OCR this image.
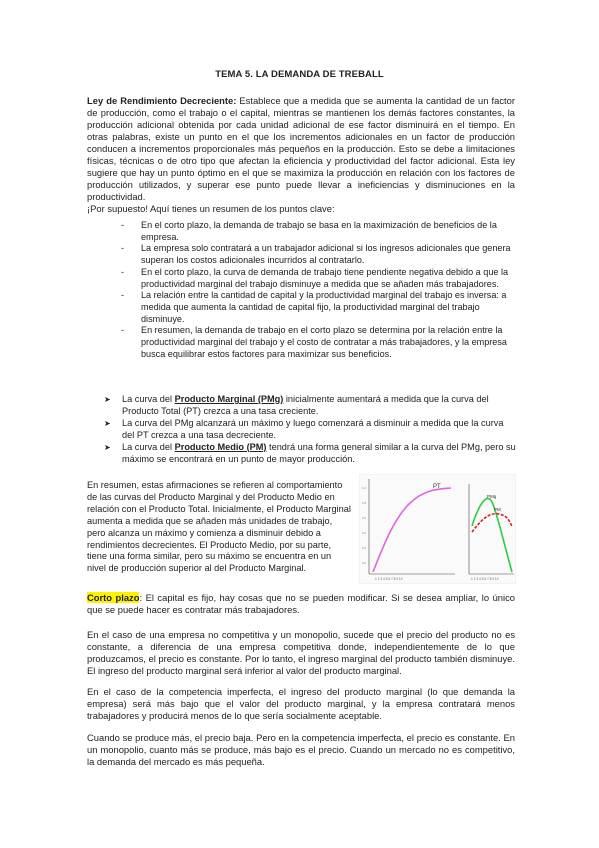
TEMA 5. LA DEMANDA DE TREBALL

Ley de Rendimiento Decreciente: Establece que a medida que se aumenta la cantidad de un factor de producción, como el trabajo o el capital, mientras se mantienen los demás factores constantes, la producción adicional obtenida por cada unidad adicional de ese factor disminuirá en el tiempo. En otras palabras, existe un punto en el que los incrementos adicionales en un factor de producción conducen a incrementos proporcionales más pequeños en la producción. Esto se debe a limitaciones físicas, técnicas o de otro tipo que afectan la eficiencia y productividad del factor adicional. Esta ley sugiere que hay un punto óptimo en el que se maximiza la producción en relación con los factores de producción utilizados, y superar ese punto puede llevar a ineficiencias y disminuciones en la productividad.
¡Por supuesto! Aquí tienes un resumen de los puntos clave:

- En el corto plazo, la demanda de trabajo se basa en la maximización de beneficios de la empresa.
- La empresa solo contratará a un trabajador adicional si los ingresos adicionales que genera superan los costos adicionales incurridos al contratarlo.
- En el corto plazo, la curva de demanda de trabajo tiene pendiente negativa debido a que la productividad marginal del trabajo disminuye a medida que se añaden más trabajadores.
- La relación entre la cantidad de capital y la productividad marginal del trabajo es inversa: a medida que aumenta la cantidad de capital fijo, la productividad marginal del trabajo disminuye.
- En resumen, la demanda de trabajo en el corto plazo se determina por la relación entre la productividad marginal del trabajo y el costo de contratar a más trabajadores, y la empresa busca equilibrar estos factores para maximizar sus beneficios.
➤ La curva del Producto Marginal (PMg) inicialmente aumentará a medida que la curva del Producto Total (PT) crezca a una tasa creciente.
➤ La curva del PMg alcanzará un máximo y luego comenzará a disminuir a medida que la curva del PT crezca a una tasa decreciente.
➤ La curva del Producto Medio (PM) tendrá una forma general similar a la curva del PMg, pero su máximo se encontrará en un punto de mayor producción.

En resumen, estas afirmaciones se refieren al comportamiento de las curvas del Producto Marginal y del Producto Medio en relación con el Producto Total. Inicialmente, el Producto Marginal aumenta a medida que se añaden más unidades de trabajo, pero alcanza un máximo y comienza a disminuir debido a rendimientos decrecientes. El Producto Medio, por su parte, tiene una forma similar, pero su máximo se encuentra en un nivel de producción superior al del Producto Marginal.

PT
1.0
0.8
0.6
0.4
0.2
0.0
1 2 3 4 5 6 7 8 9 10
PMg
PM
1 2 3 4 5 6 7 8 9 10

Corto plazo: El capital es fijo, hay cosas que no se pueden modificar. Si se desea ampliar, lo único que se puede hacer es contratar más trabajadores.

En el caso de una empresa no competitiva y un monopolio, sucede que el precio del producto no es constante, a diferencia de una empresa competitiva donde, independientemente de lo que produzcamos, el precio es constante. Por lo tanto, el ingreso marginal del producto también disminuye. El ingreso del producto marginal será inferior al valor del producto marginal.

En el caso de la competencia imperfecta, el ingreso del producto marginal (lo que demanda la empresa) será más bajo que el valor del producto marginal, y la empresa contratará menos trabajadores y producirá menos de lo que sería socialmente aceptable.

Cuando se produce más, el precio baja. Pero en la competencia imperfecta, el precio es constante. En un monopolio, cuanto más se produce, más bajo es el precio. Cuando un mercado no es competitivo, la demanda del mercado es más pequeña.
